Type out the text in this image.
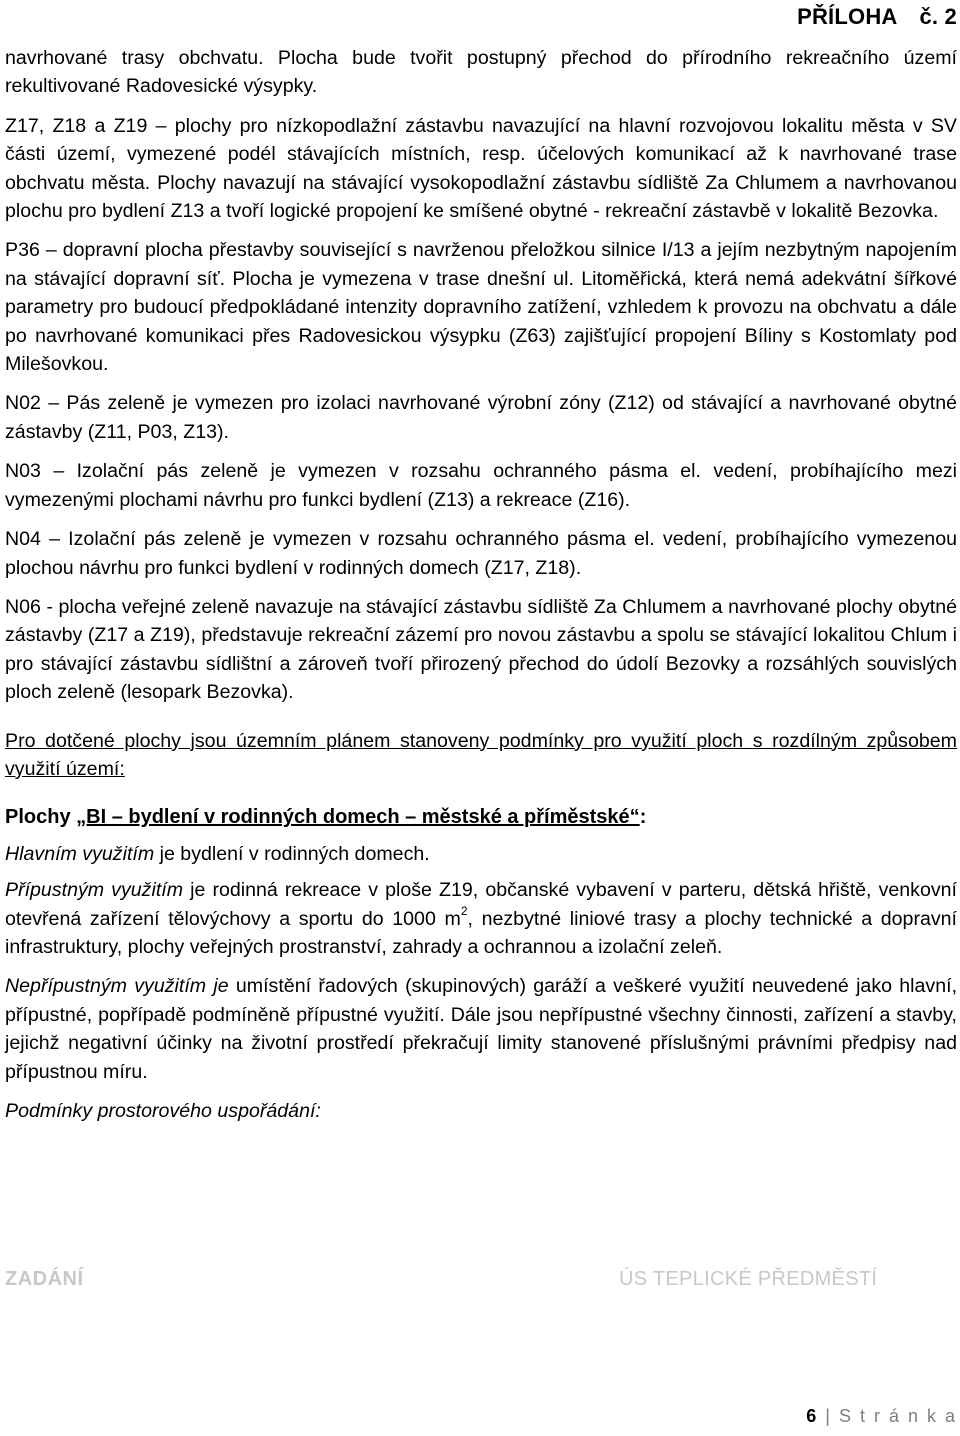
PŘÍLOHA č. 2

navrhované trasy obchvatu. Plocha bude tvořit postupný přechod do přírodního rekreačního území rekultivované Radovesické výsypky.

Z17, Z18 a Z19 – plochy pro nízkopodlažní zástavbu navazující na hlavní rozvojovou lokalitu města v SV části území, vymezené podél stávajících místních, resp. účelových komunikací až k navrhované trase obchvatu města. Plochy navazují na stávající vysokopodlažní zástavbu sídliště Za Chlumem a navrhovanou plochu pro bydlení Z13 a tvoří logické propojení ke smíšené obytné - rekreační zástavbě v lokalitě Bezovka.

P36 – dopravní plocha přestavby související s navrženou přeložkou silnice I/13 a jejím nezbytným napojením na stávající dopravní síť. Plocha je vymezena v trase dnešní ul. Litoměřická, která nemá adekvátní šířkové parametry pro budoucí předpokládané intenzity dopravního zatížení, vzhledem k provozu na obchvatu a dále po navrhované komunikaci přes Radovesickou výsypku (Z63) zajišťující propojení Bíliny s Kostomlaty pod Milešovkou.

N02 – Pás zeleně je vymezen pro izolaci navrhované výrobní zóny (Z12) od stávající a navrhované obytné zástavby (Z11, P03, Z13).

N03 – Izolační pás zeleně je vymezen v rozsahu ochranného pásma el. vedení, probíhajícího mezi vymezenými plochami návrhu pro funkci bydlení (Z13) a rekreace (Z16).

N04 – Izolační pás zeleně je vymezen v rozsahu ochranného pásma el. vedení, probíhajícího vymezenou plochou návrhu pro funkci bydlení v rodinných domech (Z17, Z18).

N06 - plocha veřejné zeleně navazuje na stávající zástavbu sídliště Za Chlumem a navrhované plochy obytné zástavby (Z17 a Z19), představuje rekreační zázemí pro novou zástavbu a spolu se stávající lokalitou Chlum i pro stávající zástavbu sídlištní a zároveň tvoří přirozený přechod do údolí Bezovky a rozsáhlých souvislých ploch zeleně (lesopark Bezovka).

Pro dotčené plochy jsou územním plánem stanoveny podmínky pro využití ploch s rozdílným způsobem využití území:

Plochy „BI – bydlení v rodinných domech – městské a příměstské“:

Hlavním využitím je bydlení v rodinných domech.

Přípustným využitím je rodinná rekreace v ploše Z19, občanské vybavení v parteru, dětská hřiště, venkovní otevřená zařízení tělovýchovy a sportu do 1000 $m^2$, nezbytné liniové trasy a plochy technické a dopravní infrastruktury, plochy veřejných prostranství, zahrady a ochrannou a izolační zeleň.

Nepřípustným využitím je umístění řadových (skupinových) garáží a veškeré využití neuvedené jako hlavní, přípustné, popřípadě podmíněně přípustné využití. Dále jsou nepřípustné všechny činnosti, zařízení a stavby, jejichž negativní účinky na životní prostředí překračují limity stanovené příslušnými právními předpisy nad přípustnou míru.

Podmínky prostorového uspořádání:

ZADÁNÍ	ÚS TEPLICKÉ PŘEDMĚSTÍ
6 | S t r á n k a
